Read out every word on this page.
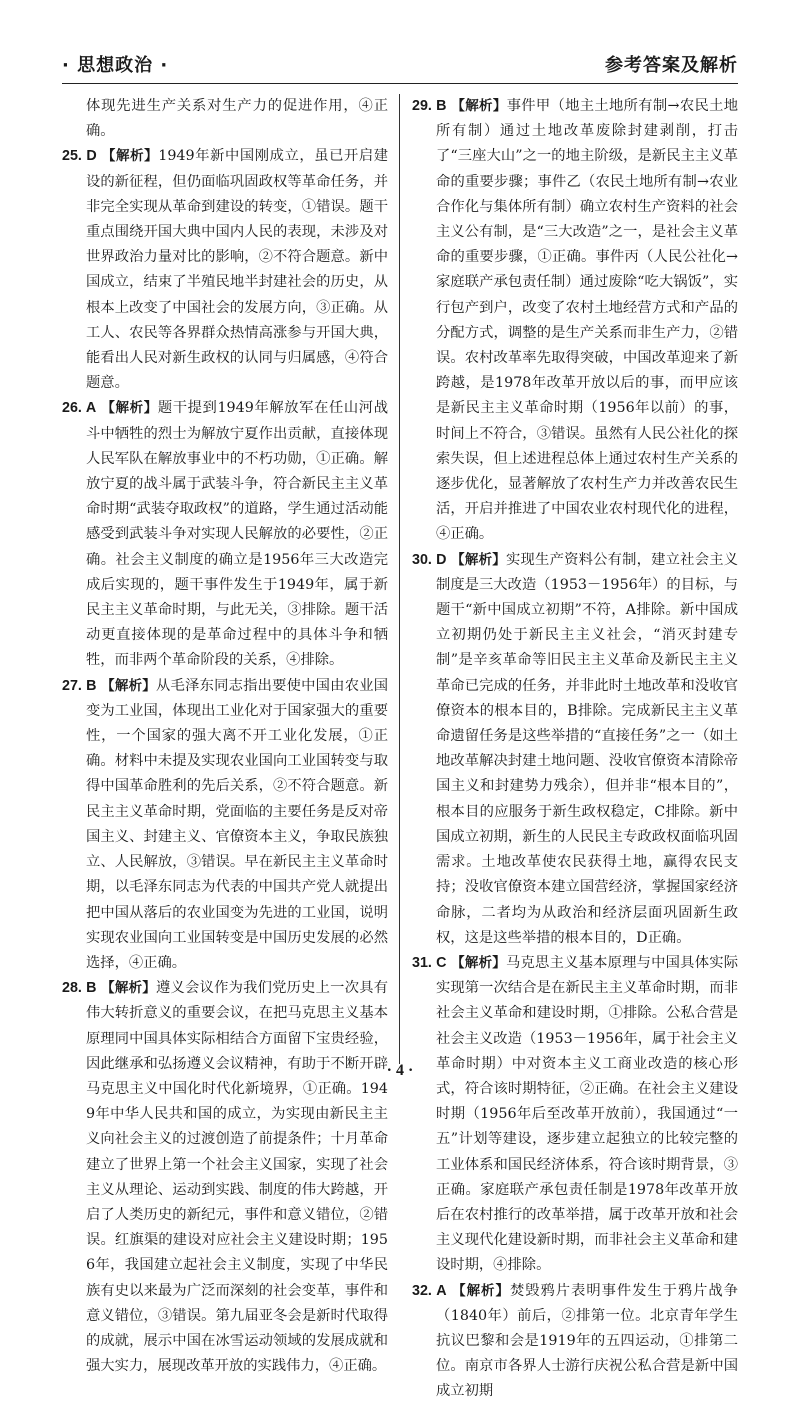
· 思想政治 ·	参考答案及解析

体现先进生产关系对生产力的促进作用，④正确。

25. D 【解析】1949年新中国刚成立，虽已开启建设的新征程，但仍面临巩固政权等革命任务，并非完全实现从革命到建设的转变，①错误。题干重点围绕开国大典中国内人民的表现，未涉及对世界政治力量对比的影响，②不符合题意。新中国成立，结束了半殖民地半封建社会的历史，从根本上改变了中国社会的发展方向，③正确。从工人、农民等各界群众热情高涨参与开国大典，能看出人民对新生政权的认同与归属感，④符合题意。

26. A 【解析】题干提到1949年解放军在任山河战斗中牺牲的烈士为解放宁夏作出贡献，直接体现人民军队在解放事业中的不朽功勋，①正确。解放宁夏的战斗属于武装斗争，符合新民主主义革命时期“武装夺取政权”的道路，学生通过活动能感受到武装斗争对实现人民解放的必要性，②正确。社会主义制度的确立是1956年三大改造完成后实现的，题干事件发生于1949年，属于新民主主义革命时期，与此无关，③排除。题干活动更直接体现的是革命过程中的具体斗争和牺牲，而非两个革命阶段的关系，④排除。

27. B 【解析】从毛泽东同志指出要使中国由农业国变为工业国，体现出工业化对于国家强大的重要性，一个国家的强大离不开工业化发展，①正确。材料中未提及实现农业国向工业国转变与取得中国革命胜利的先后关系，②不符合题意。新民主主义革命时期，党面临的主要任务是反对帝国主义、封建主义、官僚资本主义，争取民族独立、人民解放，③错误。早在新民主主义革命时期，以毛泽东同志为代表的中国共产党人就提出把中国从落后的农业国变为先进的工业国，说明实现农业国向工业国转变是中国历史发展的必然选择，④正确。

28. B 【解析】遵义会议作为我们党历史上一次具有伟大转折意义的重要会议，在把马克思主义基本原理同中国具体实际相结合方面留下宝贵经验，因此继承和弘扬遵义会议精神，有助于不断开辟马克思主义中国化时代化新境界，①正确。1949年中华人民共和国的成立，为实现由新民主主义向社会主义的过渡创造了前提条件；十月革命建立了世界上第一个社会主义国家，实现了社会主义从理论、运动到实践、制度的伟大跨越，开启了人类历史的新纪元，事件和意义错位，②错误。红旗渠的建设对应社会主义建设时期；1956年，我国建立起社会主义制度，实现了中华民族有史以来最为广泛而深刻的社会变革，事件和意义错位，③错误。第九届亚冬会是新时代取得的成就，展示中国在冰雪运动领域的发展成就和强大实力，展现改革开放的实践伟力，④正确。

29. B 【解析】事件甲（地主土地所有制→农民土地所有制）通过土地改革废除封建剥削，打击了“三座大山”之一的地主阶级，是新民主主义革命的重要步骤；事件乙（农民土地所有制→农业合作化与集体所有制）确立农村生产资料的社会主义公有制，是“三大改造”之一，是社会主义革命的重要步骤，①正确。事件丙（人民公社化→家庭联产承包责任制）通过废除“吃大锅饭”，实行包产到户，改变了农村土地经营方式和产品的分配方式，调整的是生产关系而非生产力，②错误。农村改革率先取得突破，中国改革迎来了新跨越，是1978年改革开放以后的事，而甲应该是新民主主义革命时期（1956年以前）的事，时间上不符合，③错误。虽然有人民公社化的探索失误，但上述进程总体上通过农村生产关系的逐步优化，显著解放了农村生产力并改善农民生活，开启并推进了中国农业农村现代化的进程，④正确。

30. D 【解析】实现生产资料公有制，建立社会主义制度是三大改造（1953－1956年）的目标，与题干“新中国成立初期”不符，A排除。新中国成立初期仍处于新民主主义社会，“消灭封建专制”是辛亥革命等旧民主主义革命及新民主主义革命已完成的任务，并非此时土地改革和没收官僚资本的根本目的，B排除。完成新民主主义革命遗留任务是这些举措的“直接任务”之一（如土地改革解决封建土地问题、没收官僚资本清除帝国主义和封建势力残余），但并非“根本目的”，根本目的应服务于新生政权稳定，C排除。新中国成立初期，新生的人民民主专政政权面临巩固需求。土地改革使农民获得土地，赢得农民支持；没收官僚资本建立国营经济，掌握国家经济命脉，二者均为从政治和经济层面巩固新生政权，这是这些举措的根本目的，D正确。

31. C 【解析】马克思主义基本原理与中国具体实际实现第一次结合是在新民主主义革命时期，而非社会主义革命和建设时期，①排除。公私合营是社会主义改造（1953－1956年，属于社会主义革命时期）中对资本主义工商业改造的核心形式，符合该时期特征，②正确。在社会主义建设时期（1956年后至改革开放前），我国通过“一五”计划等建设，逐步建立起独立的比较完整的工业体系和国民经济体系，符合该时期背景，③正确。家庭联产承包责任制是1978年改革开放后在农村推行的改革举措，属于改革开放和社会主义现代化建设新时期，而非社会主义革命和建设时期，④排除。

32. A 【解析】焚毁鸦片表明事件发生于鸦片战争（1840年）前后，②排第一位。北京青年学生抗议巴黎和会是1919年的五四运动，①排第二位。南京市各界人士游行庆祝公私合营是新中国成立初期

· 4 ·
